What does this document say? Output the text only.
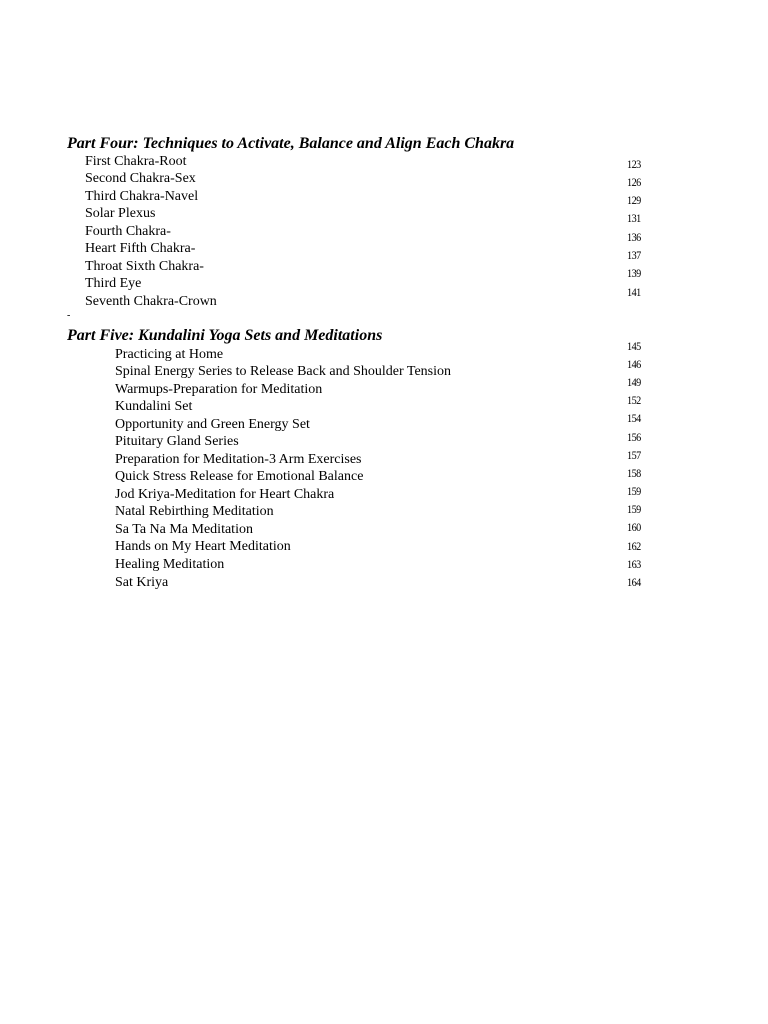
Part Four: Techniques to Activate, Balance and Align Each Chakra
First Chakra-Root
Second Chakra-Sex
Third Chakra-Navel
Solar Plexus
Fourth Chakra-
Heart Fifth Chakra-
Throat Sixth Chakra-
Third Eye
Seventh Chakra-Crown
123
126
129
131
136
137
139
141
-
Part Five: Kundalini Yoga Sets and Meditations
Practicing at Home
Spinal Energy Series to Release Back and Shoulder Tension
Warmups-Preparation for Meditation
Kundalini Set
Opportunity and Green Energy Set
Pituitary Gland Series
Preparation for Meditation-3 Arm Exercises
Quick Stress Release for Emotional Balance
Jod Kriya-Meditation for Heart Chakra
Natal Rebirthing Meditation
Sa Ta Na Ma Meditation
Hands on My Heart Meditation
Healing Meditation
Sat Kriya
145
146
149
152
154
156
157
158
159
159
160
162
163
164
